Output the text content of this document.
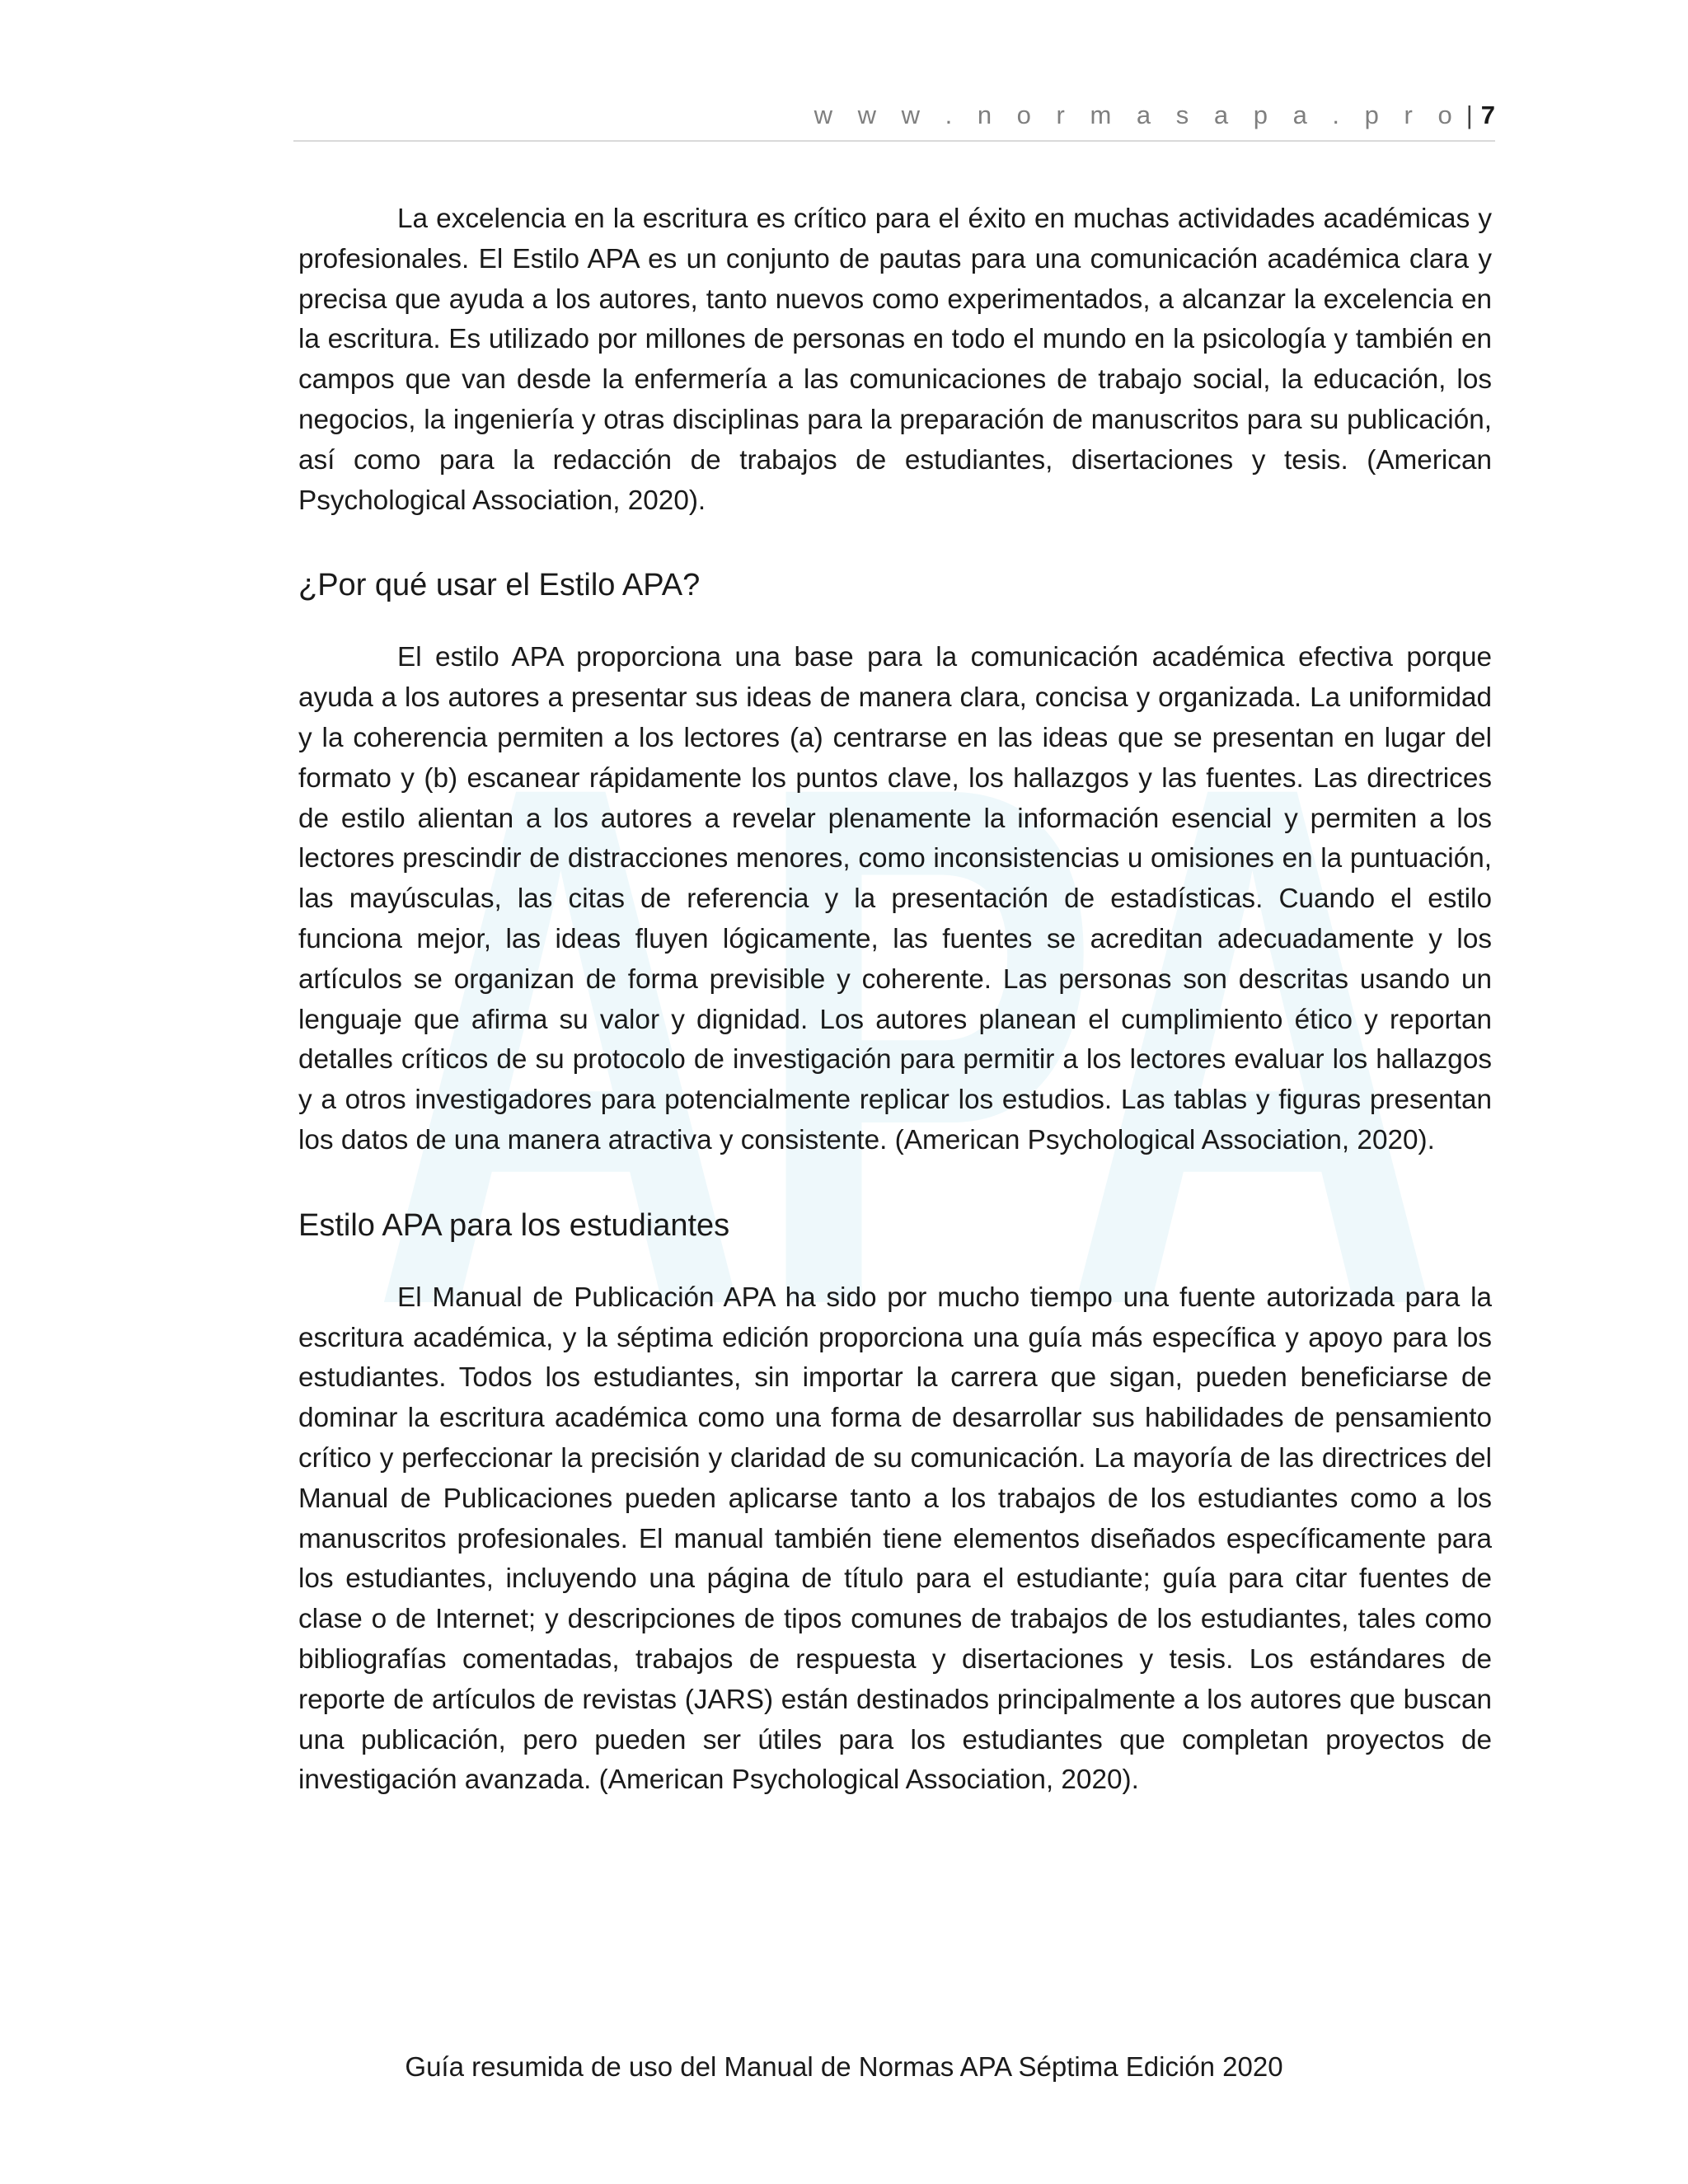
APA
w w w . n o r m a s a p a . p r o | 7

La excelencia en la escritura es crítico para el éxito en muchas actividades académicas y profesionales. El Estilo APA es un conjunto de pautas para una comunicación académica clara y precisa que ayuda a los autores, tanto nuevos como experimentados, a alcanzar la excelencia en la escritura. Es utilizado por millones de personas en todo el mundo en la psicología y también en campos que van desde la enfermería a las comunicaciones de trabajo social, la educación, los negocios, la ingeniería y otras disciplinas para la preparación de manuscritos para su publicación, así como para la redacción de trabajos de estudiantes, disertaciones y tesis. (American Psychological Association, 2020).

¿Por qué usar el Estilo APA?

El estilo APA proporciona una base para la comunicación académica efectiva porque ayuda a los autores a presentar sus ideas de manera clara, concisa y organizada. La uniformidad y la coherencia permiten a los lectores (a) centrarse en las ideas que se presentan en lugar del formato y (b) escanear rápidamente los puntos clave, los hallazgos y las fuentes. Las directrices de estilo alientan a los autores a revelar plenamente la información esencial y permiten a los lectores prescindir de distracciones menores, como inconsistencias u omisiones en la puntuación, las mayúsculas, las citas de referencia y la presentación de estadísticas. Cuando el estilo funciona mejor, las ideas fluyen lógicamente, las fuentes se acreditan adecuadamente y los artículos se organizan de forma previsible y coherente. Las personas son descritas usando un lenguaje que afirma su valor y dignidad. Los autores planean el cumplimiento ético y reportan detalles críticos de su protocolo de investigación para permitir a los lectores evaluar los hallazgos y a otros investigadores para potencialmente replicar los estudios. Las tablas y figuras presentan los datos de una manera atractiva y consistente. (American Psychological Association, 2020).

Estilo APA para los estudiantes

El Manual de Publicación APA ha sido por mucho tiempo una fuente autorizada para la escritura académica, y la séptima edición proporciona una guía más específica y apoyo para los estudiantes. Todos los estudiantes, sin importar la carrera que sigan, pueden beneficiarse de dominar la escritura académica como una forma de desarrollar sus habilidades de pensamiento crítico y perfeccionar la precisión y claridad de su comunicación. La mayoría de las directrices del Manual de Publicaciones pueden aplicarse tanto a los trabajos de los estudiantes como a los manuscritos profesionales. El manual también tiene elementos diseñados específicamente para los estudiantes, incluyendo una página de título para el estudiante; guía para citar fuentes de clase o de Internet; y descripciones de tipos comunes de trabajos de los estudiantes, tales como bibliografías comentadas, trabajos de respuesta y disertaciones y tesis. Los estándares de reporte de artículos de revistas (JARS) están destinados principalmente a los autores que buscan una publicación, pero pueden ser útiles para los estudiantes que completan proyectos de investigación avanzada. (American Psychological Association, 2020).

Guía resumida de uso del Manual de Normas APA Séptima Edición 2020
